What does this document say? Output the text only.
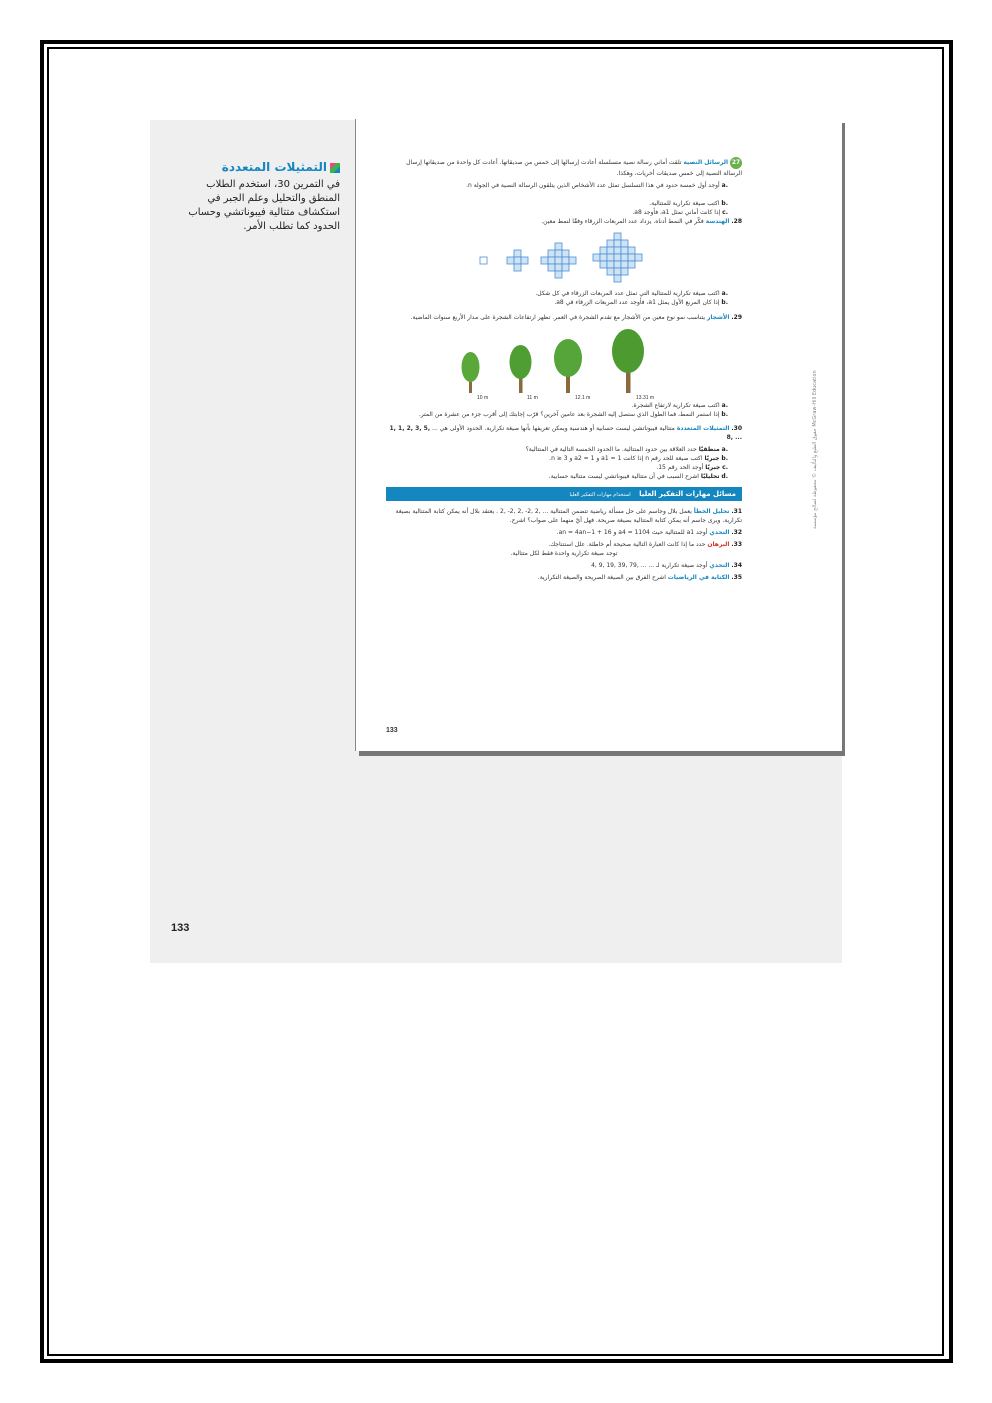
التمثيلات المتعددة
في التمرين 30، استخدم الطلاب المنطق والتحليل وعلم الجبر في استكشاف متتالية فيبوناتشي وحساب الحدود كما تطلب الأمر.
133
27 الرسائل النصية تلقت أماني رسالة نصية متسلسلة أعادت إرسالها إلى خمس من صديقاتها. أعادت كل واحدة من صديقاتها إرسال الرسالة النصية إلى خمس صديقات أخريات، وهكذا.
.a أوجد أول خمسة حدود في هذا التسلسل تمثل عدد الأشخاص الذين يتلقون الرسالة النصية في الجولة n.
.b اكتب صيغة تكرارية للمتتالية.
.c إذا كانت أماني تمثل a1، فأوجد a8.
28. الهندسة فكّر في النمط أدناه. يزداد عدد المربعات الزرقاء وفقًا لنمط معين.
.a اكتب صيغة تكرارية للمتتالية التي تمثل عدد المربعات الزرقاء في كل شكل.
.b إذا كان المربع الأول يمثل a1، فأوجد عدد المربعات الزرقاء في a8.
29. الأشجار يتناسب نمو نوع معين من الأشجار مع تقدم الشجرة في العمر. تظهر ارتفاعات الشجرة على مدار الأربع سنوات الماضية.
10 m	11 m	12.1 m	13.31 m
.a اكتب صيغة تكرارية لارتفاع الشجرة.
.b إذا استمر النمط، فما الطول الذي ستصل إليه الشجرة بعد عامين آخرين؟ قرّب إجابتك إلى أقرب جزء من عشرة من المتر.
30. التمثيلات المتعددة متتالية فيبوناتشي ليست حسابية أو هندسية ويمكن تعريفها بأنها صيغة تكرارية. الحدود الأولى هي ... 1, 1, 2, 3, 5, 8, ...
.a منطقيًا حدد العلاقة بين حدود المتتالية. ما الحدود الخمسة التالية في المتتالية؟
.b جبريًا اكتب صيغة للحد رقم n إذا كانت a1 = 1 و a2 = 1 و n ≥ 3.
.c جبريًا أوجد الحد رقم 15.
.d تحليليًا اشرح السبب في أن متتالية فيبوناتشي ليست متتالية حسابية.
مسائل مهارات التفكير العليا استخدام مهارات التفكير العليا
31. تحليل الخطأ يعمل بلال وجاسم على حل مسألة رياضية تتضمن المتتالية ... ,2 ,2- ,2 ,2- ,2 . يعتقد بلال أنه يمكن كتابة المتتالية بصيغة تكرارية. ويرى جاسم أنه يمكن كتابة المتتالية بصيغة صريحة. فهل أيٌ منهما على صواب؟ اشرح.
32. التحدي أوجد a1 للمتتالية حيث a4 = 1104 و an = 4an−1 + 16.
33. البرهان حدد ما إذا كانت العبارة التالية صحيحة أم خاطئة. علل استنتاجك.
توجد صيغة تكرارية واحدة فقط لكل متتالية.
34. التحدي أوجد صيغة تكرارية لـ ... 4, 9, 19, 39, 79, ...
35. الكتابة في الرياضيات اشرح الفرق بين الصيغة الصريحة والصيغة التكرارية.
133
حقوق الطبع والتأليف © محفوظة لصالح مؤسسة McGraw-Hill Education
